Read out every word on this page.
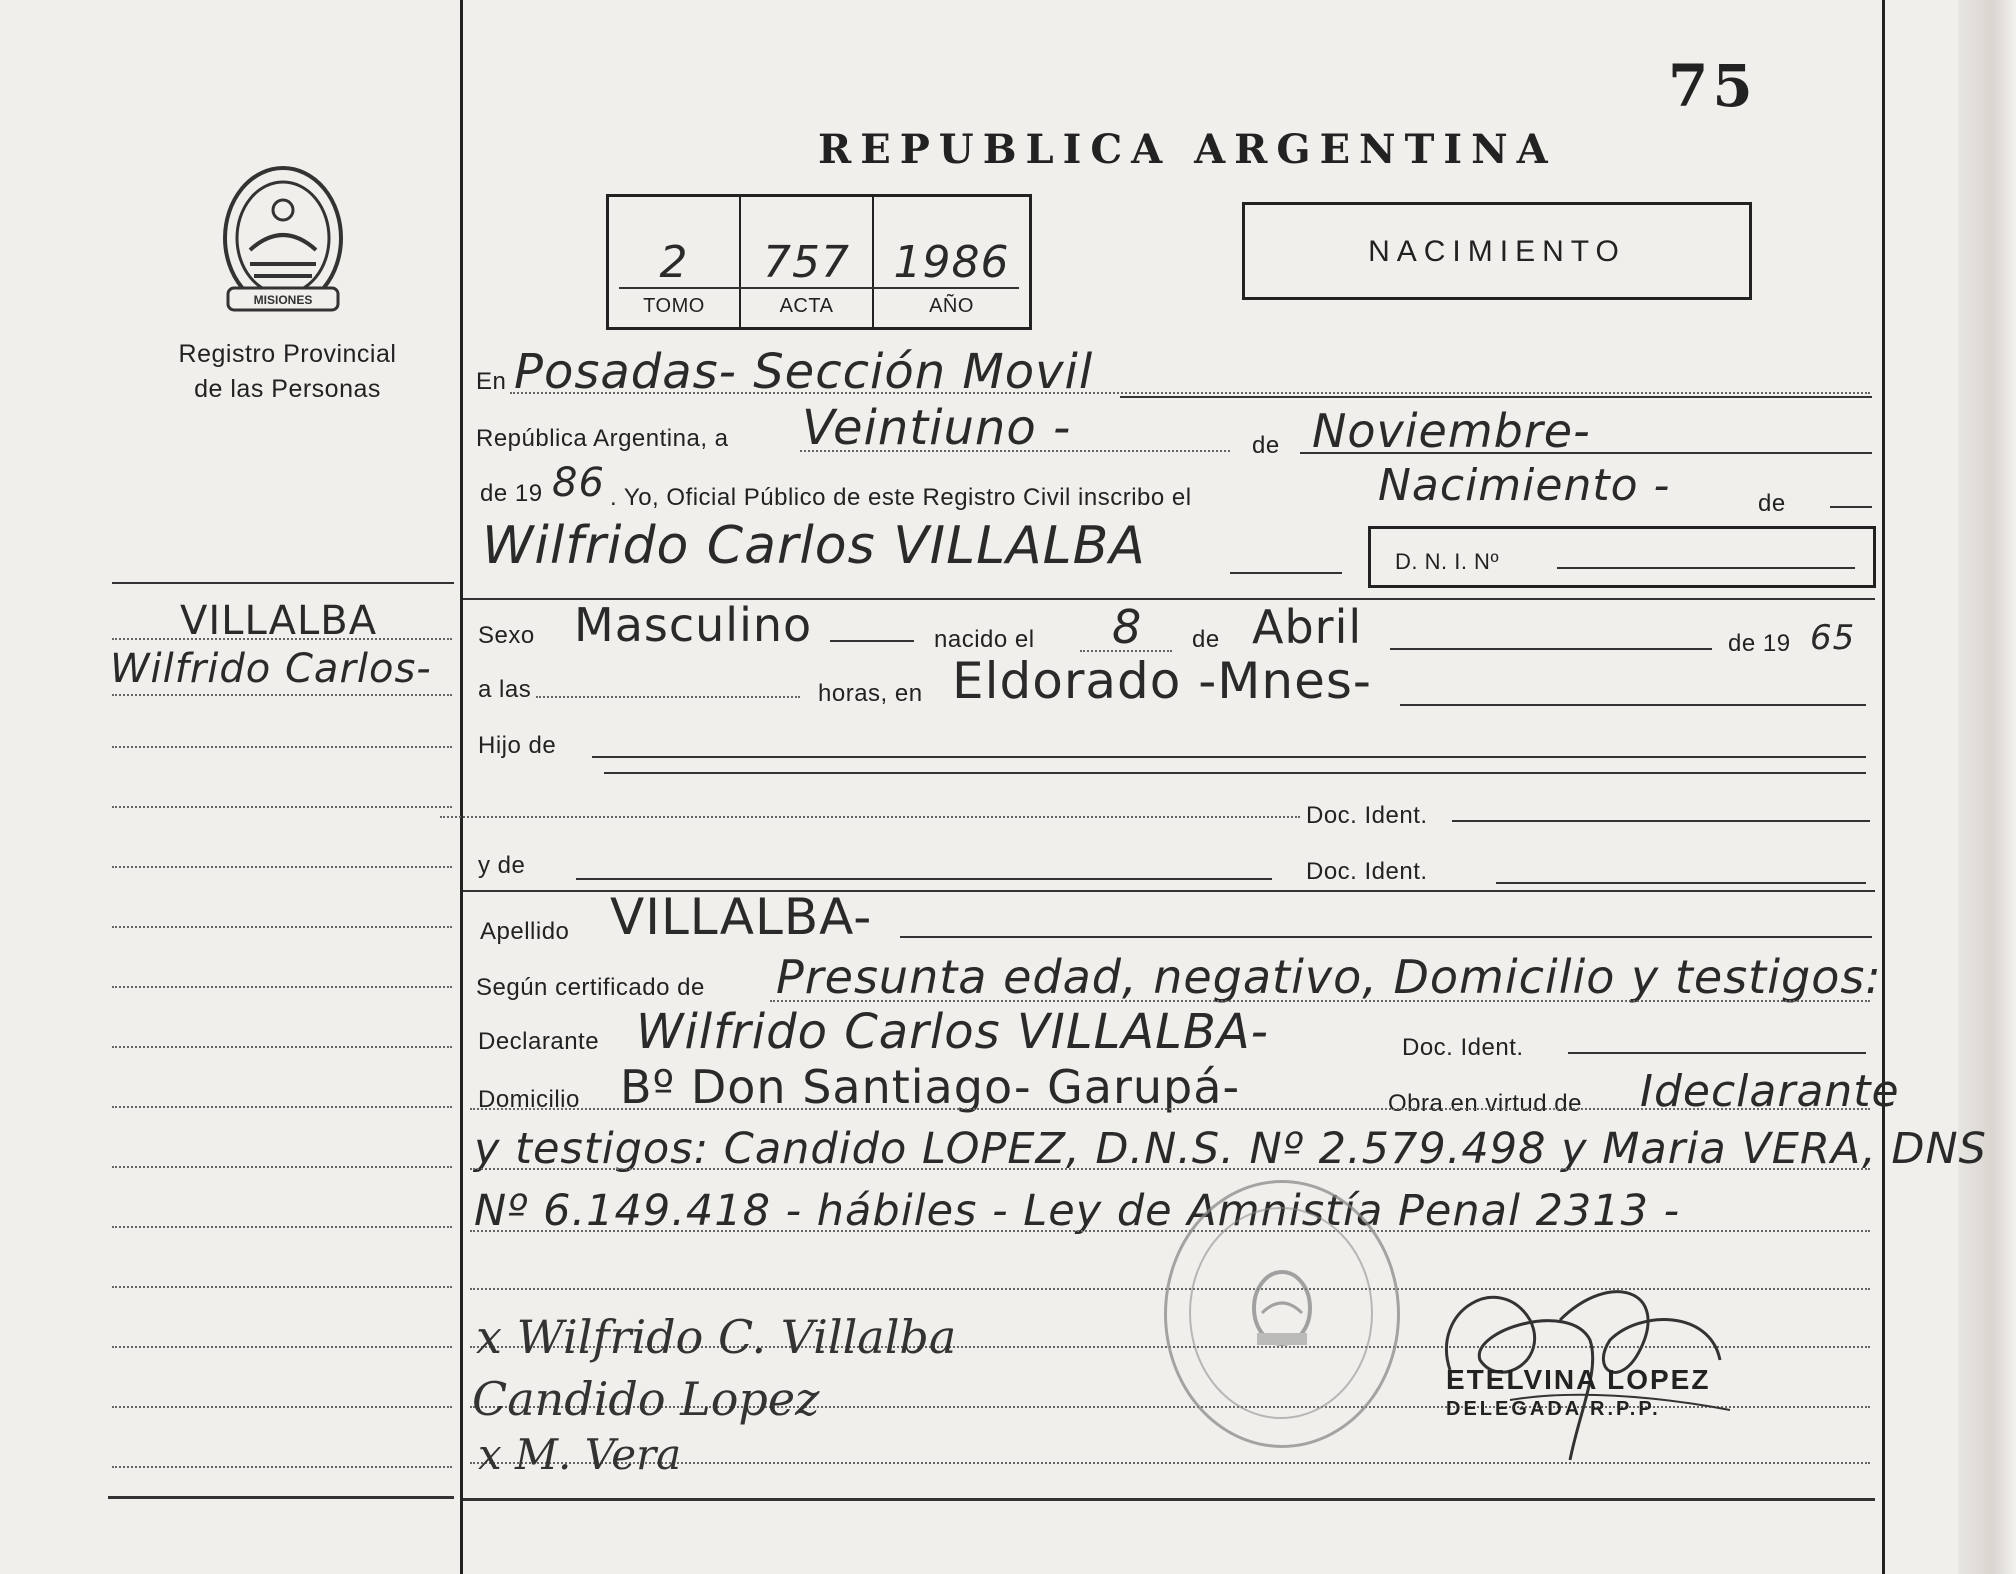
75
REPUBLICA ARGENTINA
NACIMIENTO
MISIONES
Registro Provincial
de las Personas
2	757 1986
TOMO	ACTA	AÑO
VILLALBA
Wilfrido Carlos-
En Posadas- Sección Movil
República Argentina, a Veintiuno -	de Noviembre-
de 19 86 . Yo, Oficial Público de este Registro Civil inscribo el	Nacimiento -	de
Wilfrido Carlos VILLALBA	D. N. I. Nº
Sexo Masculino	nacido el 8 de Abril	de 19 65
a las	horas, en Eldorado -Mnes-
Hijo de
Doc. Ident.
y de	Doc. Ident.
Apellido VILLALBA-
Según certificado de Presunta edad, negativo, Domicilio y testigos:
Declarante Wilfrido Carlos VILLALBA-	Doc. Ident.
Domicilio Bº Don Santiago- Garupá-	Obra en virtud de Ideclarante
y testigos: Candido LOPEZ, D.N.S. Nº 2.579.498 y Maria VERA, DNS
Nº 6.149.418 - hábiles - Ley de Amnistía Penal 2313 -
x Wilfrido C. Villalba
Candido Lopez
x M. Vera
ETELVINA LOPEZ
DELEGADA R.P.P.
